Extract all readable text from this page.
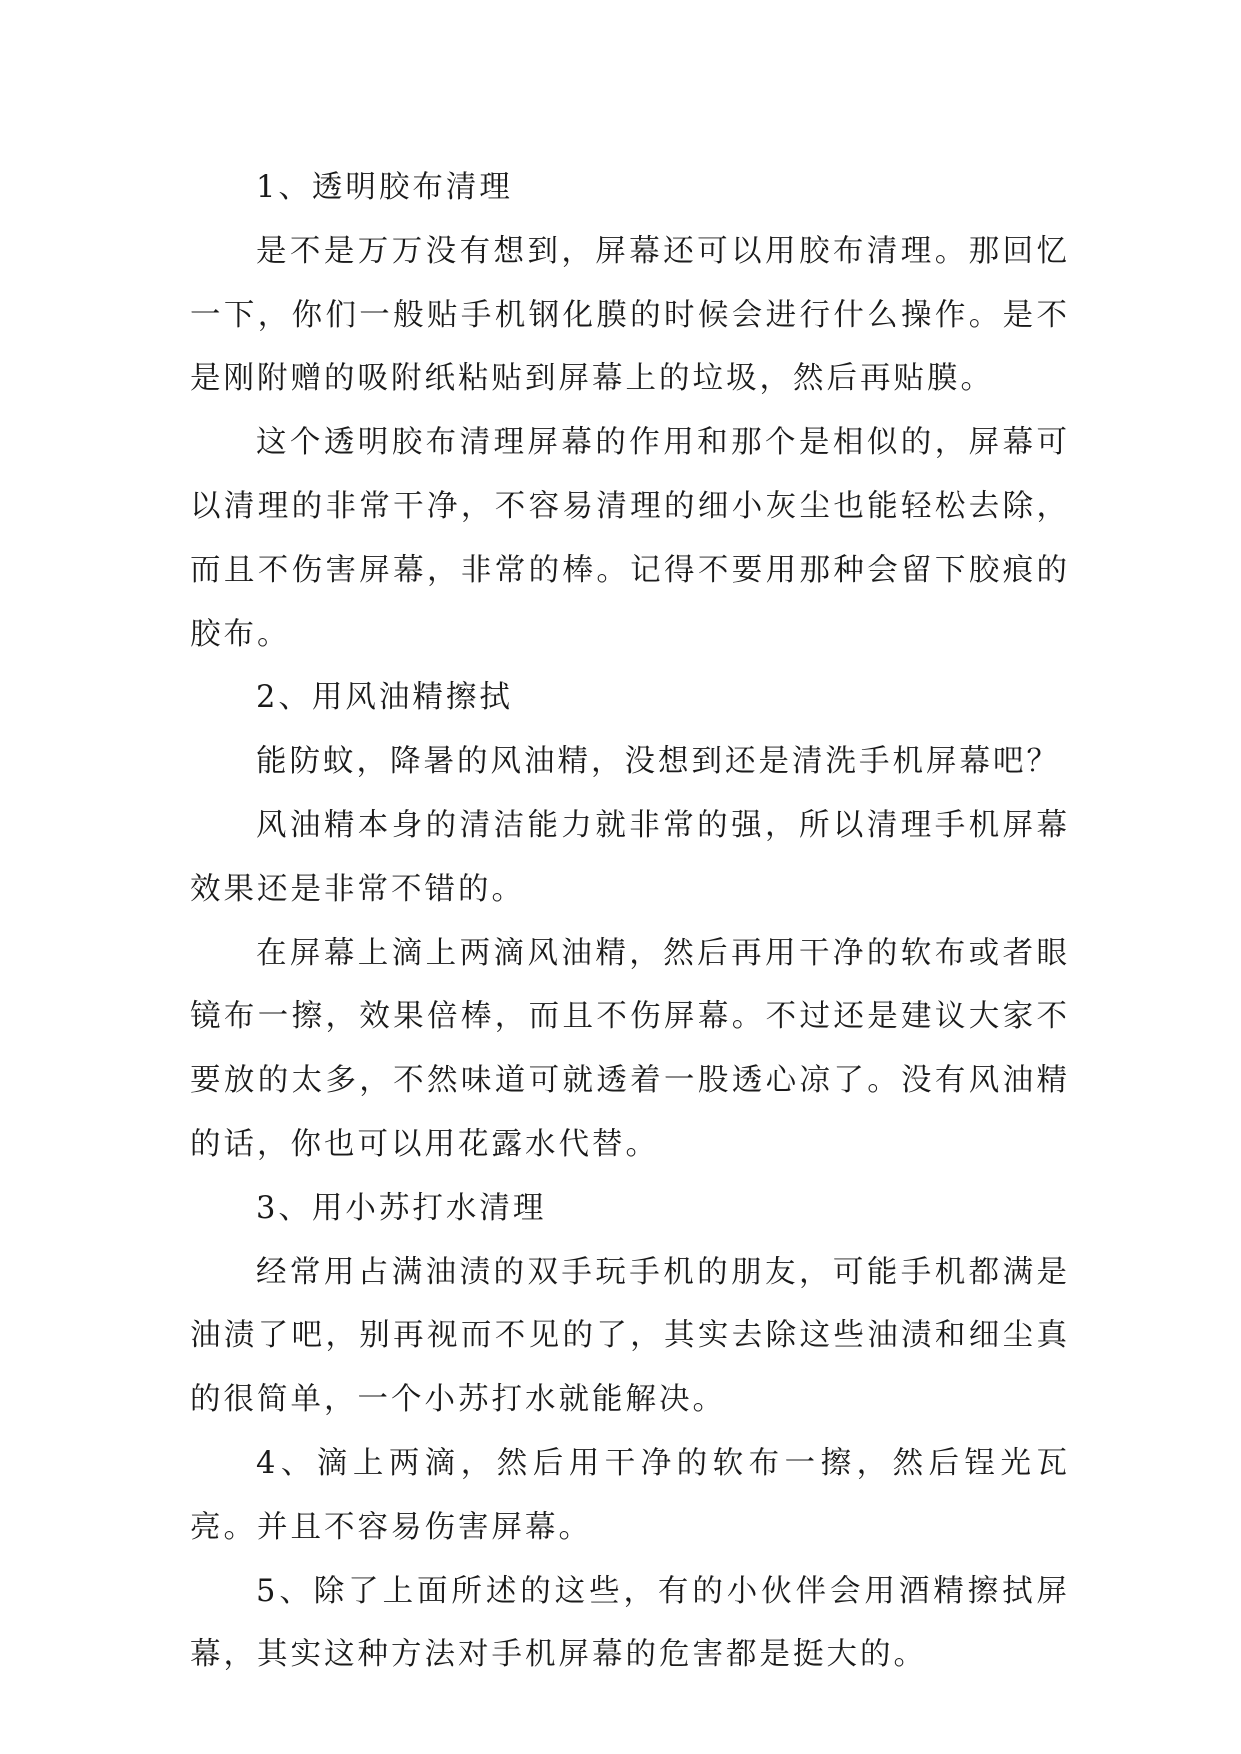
1、透明胶布清理

是不是万万没有想到，屏幕还可以用胶布清理。那回忆一下，你们一般贴手机钢化膜的时候会进行什么操作。是不是刚附赠的吸附纸粘贴到屏幕上的垃圾，然后再贴膜。

这个透明胶布清理屏幕的作用和那个是相似的，屏幕可以清理的非常干净，不容易清理的细小灰尘也能轻松去除，而且不伤害屏幕，非常的棒。记得不要用那种会留下胶痕的胶布。

2、用风油精擦拭

能防蚊，降暑的风油精，没想到还是清洗手机屏幕吧？

风油精本身的清洁能力就非常的强，所以清理手机屏幕效果还是非常不错的。

在屏幕上滴上两滴风油精，然后再用干净的软布或者眼镜布一擦，效果倍棒，而且不伤屏幕。不过还是建议大家不要放的太多，不然味道可就透着一股透心凉了。没有风油精的话，你也可以用花露水代替。

3、用小苏打水清理

经常用占满油渍的双手玩手机的朋友，可能手机都满是油渍了吧，别再视而不见的了，其实去除这些油渍和细尘真的很简单，一个小苏打水就能解决。

4、滴上两滴，然后用干净的软布一擦，然后锃光瓦亮。并且不容易伤害屏幕。

5、除了上面所述的这些，有的小伙伴会用酒精擦拭屏幕，其实这种方法对手机屏幕的危害都是挺大的。
